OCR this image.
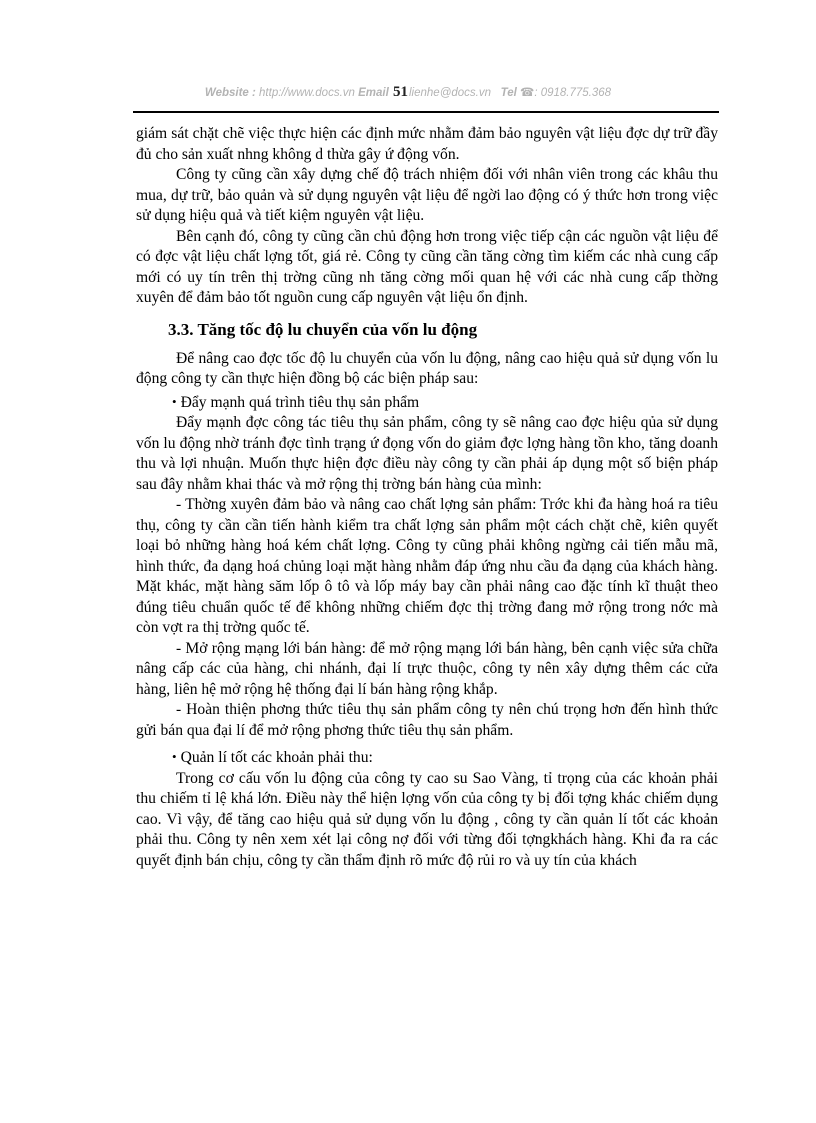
Website : http://www.docs.vn Email 51lienhe@docs.vn Tel ☎: 0918.775.368

giám sát chặt chẽ việc thực hiện các định mức nhằm đảm bảo nguyên vật liệu đợc dự trữ đầy đủ cho sản xuất nhng không d thừa gây ứ động vốn.

Công ty cũng cần xây dựng chế độ trách nhiệm đối với nhân viên trong các khâu thu mua, dự trữ, bảo quản và sử dụng nguyên vật liệu để ngời lao động có ý thức hơn trong việc sử dụng hiệu quả và tiết kiệm nguyên vật liệu.

Bên cạnh đó, công ty cũng cần chủ động hơn trong việc tiếp cận các nguồn vật liệu để có đợc vật liệu chất lợng tốt, giá rẻ. Công ty cũng cần tăng cờng tìm kiếm các nhà cung cấp mới có uy tín trên thị trờng cũng nh tăng cờng mối quan hệ với các nhà cung cấp thờng xuyên để đảm bảo tốt nguồn cung cấp nguyên vật liệu ổn định.

3.3. Tăng tốc độ lu chuyển của vốn lu động

Để nâng cao đợc tốc độ lu chuyển của vốn lu động, nâng cao hiệu quả sử dụng vốn lu động công ty cần thực hiện đồng bộ các biện pháp sau:

• Đẩy mạnh quá trình tiêu thụ sản phẩm

Đẩy mạnh đợc công tác tiêu thụ sản phẩm, công ty sẽ nâng cao đợc hiệu qủa sử dụng vốn lu động nhờ tránh đợc tình trạng ứ đọng vốn do giảm đợc lợng hàng tồn kho, tăng doanh thu và lợi nhuận. Muốn thực hiện đợc điều này công ty cần phải áp dụng một số biện pháp sau đây nhằm khai thác và mở rộng thị trờng bán hàng của mình:

- Thờng xuyên đảm bảo và nâng cao chất lợng sản phẩm: Trớc khi đa hàng hoá ra tiêu thụ, công ty cần cần tiến hành kiểm tra chất lợng sản phẩm một cách chặt chẽ, kiên quyết loại bỏ những hàng hoá kém chất lợng. Công ty cũng phải không ngừng cải tiến mẫu mã, hình thức, đa dạng hoá chủng loại mặt hàng nhằm đáp ứng nhu cầu đa dạng của khách hàng. Mặt khác, mặt hàng săm lốp ô tô và lốp máy bay cần phải nâng cao đặc tính kĩ thuật theo đúng tiêu chuẩn quốc tế để không những chiếm đợc thị trờng đang mở rộng trong nớc mà còn vợt ra thị trờng quốc tế.

- Mở rộng mạng lới bán hàng: để mở rộng mạng lới bán hàng, bên cạnh việc sửa chữa nâng cấp các của hàng, chi nhánh, đại lí trực thuộc, công ty nên xây dựng thêm các cửa hàng, liên hệ mở rộng hệ thống đại lí bán hàng rộng khắp.

- Hoàn thiện phơng thức tiêu thụ sản phẩm công ty nên chú trọng hơn đến hình thức gửi bán qua đại lí để mở rộng phơng thức tiêu thụ sản phẩm.

• Quản lí tốt các khoản phải thu:

Trong cơ cấu vốn lu động của công ty cao su Sao Vàng, tỉ trọng của các khoản phải thu chiếm tỉ lệ khá lớn. Điều này thể hiện lợng vốn của công ty bị đối tợng khác chiếm dụng cao. Vì vậy, để tăng cao hiệu quả sử dụng vốn lu động , công ty cần quản lí tốt các khoản phải thu. Công ty nên xem xét lại công nợ đối với từng đối tợngkhách hàng. Khi đa ra các quyết định bán chịu, công ty cần thẩm định rõ mức độ rủi ro và uy tín của khách
